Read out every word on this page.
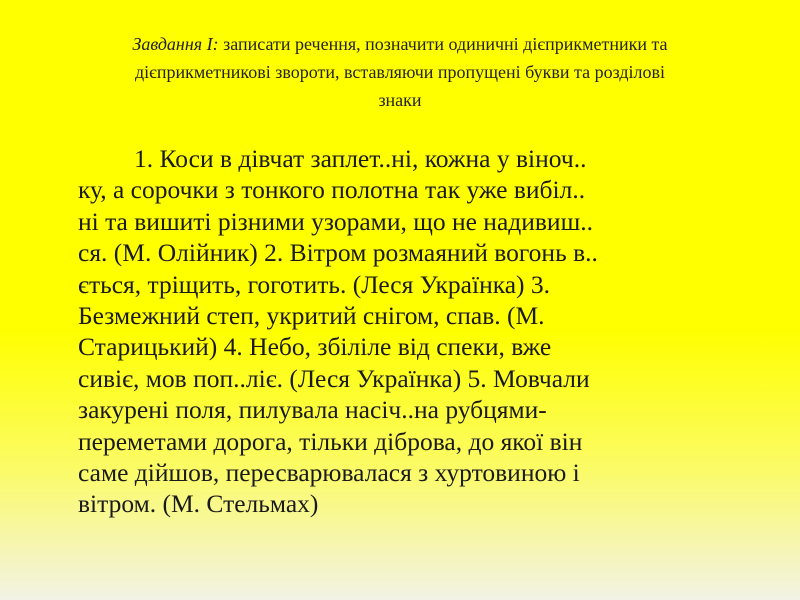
Завдання І: записати речення, позначити одиничні дієприкметники та
дієприкметникові звороти, вставляючи пропущені букви та розділові
знаки
1. Коси в дівчат заплет..ні, кожна у віноч..
ку, а сорочки з тонкого полотна так уже вибіл..
ні та вишиті різними узорами, що не надивиш..
ся. (М. Олійник) 2. Вітром розмаяний вогонь в..
ється, тріщить, гоготить. (Леся Українка) 3.
Безмежний степ, укритий снігом, спав. (М.
Старицький) 4. Небо, збіліле від спеки, вже
сивіє, мов поп..ліє. (Леся Українка) 5. Мовчали
закурені поля, пилувала насіч..на рубцями-
переметами дорога, тільки діброва, до якої він
саме дійшов, пересварювалася з хуртовиною і
вітром. (М. Стельмах)
